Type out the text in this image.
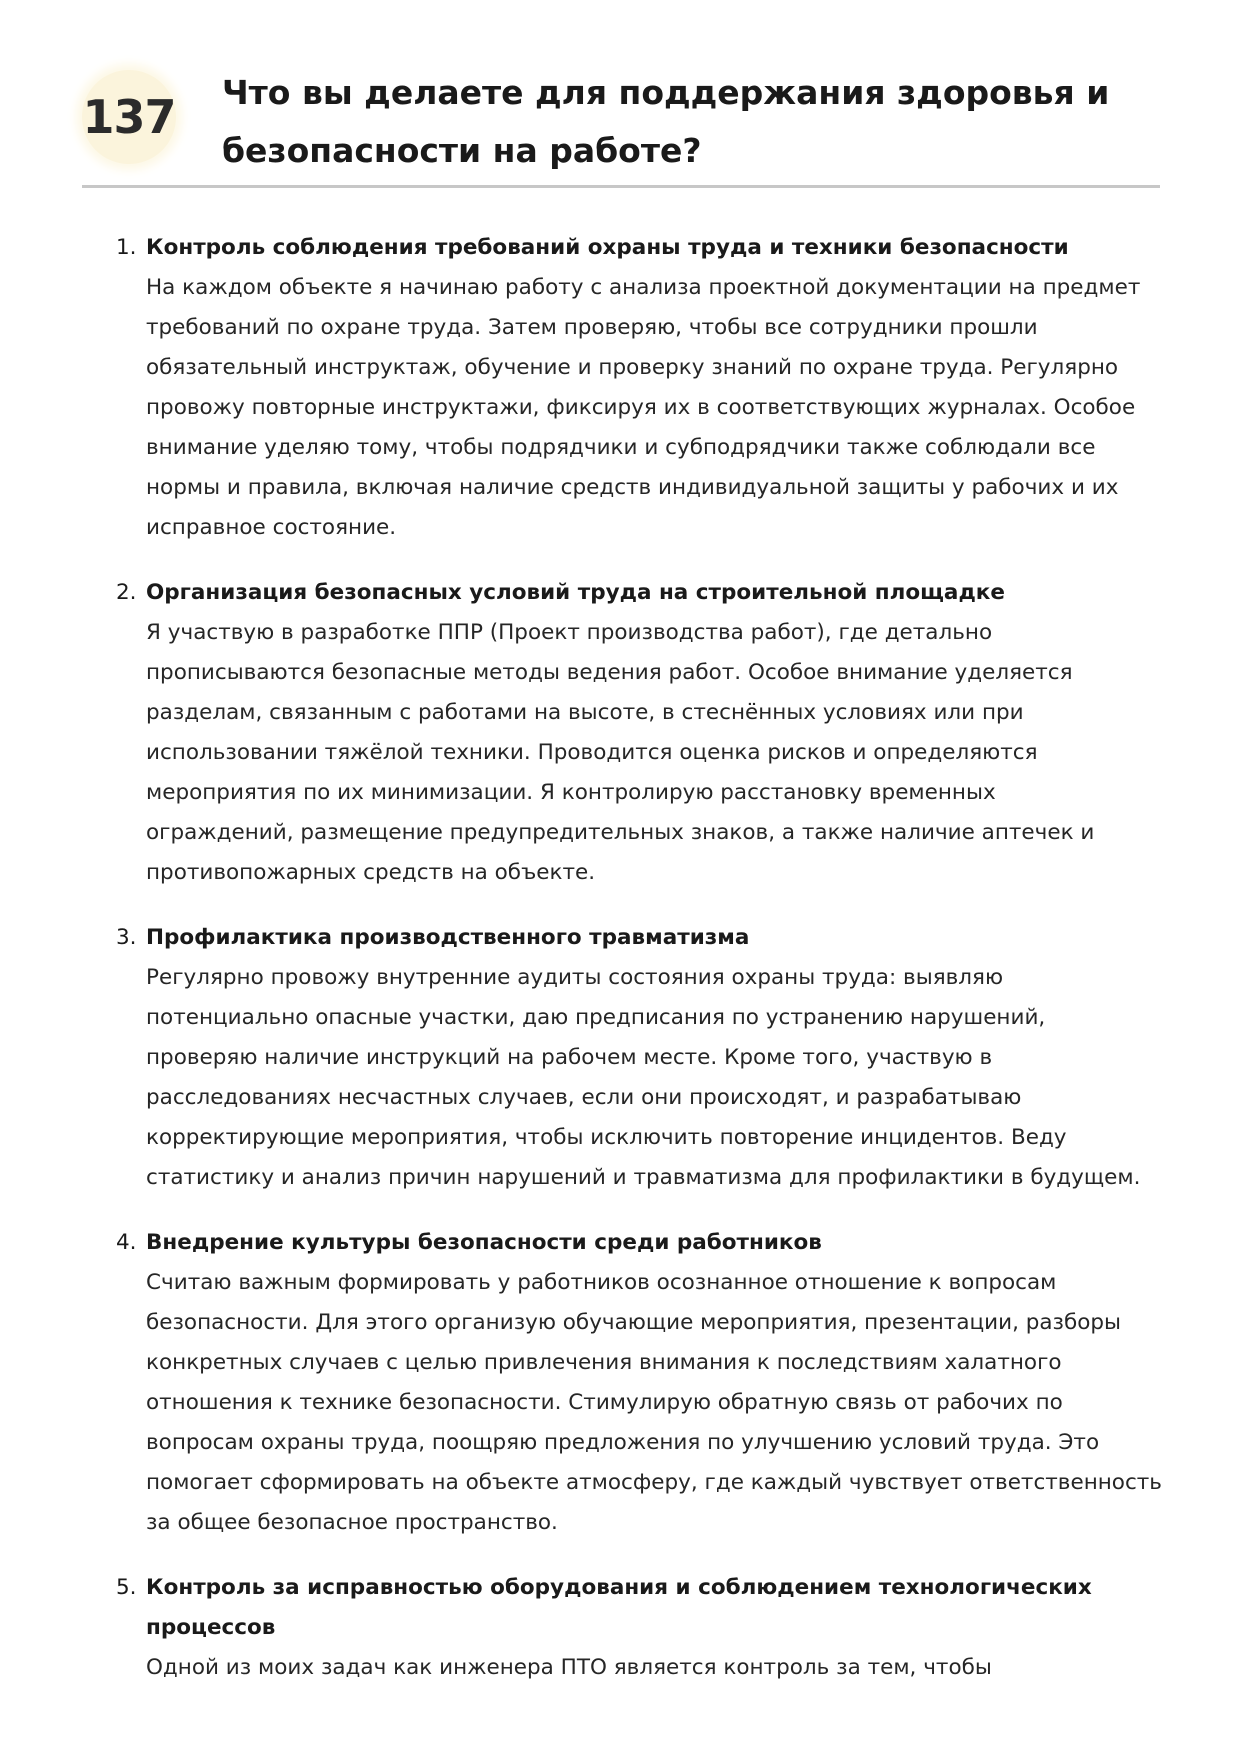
137 Что вы делаете для поддержания здоровья и
безопасности на работе?
1. Контроль соблюдения требований охраны труда и техники безопасности

На каждом объекте я начинаю работу с анализа проектной документации на предмет
требований по охране труда. Затем проверяю, чтобы все сотрудники прошли
обязательный инструктаж, обучение и проверку знаний по охране труда. Регулярно
провожу повторные инструктажи, фиксируя их в соответствующих журналах. Особое
внимание уделяю тому, чтобы подрядчики и субподрядчики также соблюдали все
нормы и правила, включая наличие средств индивидуальной защиты у рабочих и их
исправное состояние.

2. Организация безопасных условий труда на строительной площадке

Я участвую в разработке ППР (Проект производства работ), где детально
прописываются безопасные методы ведения работ. Особое внимание уделяется
разделам, связанным с работами на высоте, в стеснённых условиях или при
использовании тяжёлой техники. Проводится оценка рисков и определяются
мероприятия по их минимизации. Я контролирую расстановку временных
ограждений, размещение предупредительных знаков, а также наличие аптечек и
противопожарных средств на объекте.

3. Профилактика производственного травматизма

Регулярно провожу внутренние аудиты состояния охраны труда: выявляю
потенциально опасные участки, даю предписания по устранению нарушений,
проверяю наличие инструкций на рабочем месте. Кроме того, участвую в
расследованиях несчастных случаев, если они происходят, и разрабатываю
корректирующие мероприятия, чтобы исключить повторение инцидентов. Веду
статистику и анализ причин нарушений и травматизма для профилактики в будущем.

4. Внедрение культуры безопасности среди работников

Считаю важным формировать у работников осознанное отношение к вопросам
безопасности. Для этого организую обучающие мероприятия, презентации, разборы
конкретных случаев с целью привлечения внимания к последствиям халатного
отношения к технике безопасности. Стимулирую обратную связь от рабочих по
вопросам охраны труда, поощряю предложения по улучшению условий труда. Это
помогает сформировать на объекте атмосферу, где каждый чувствует ответственность
за общее безопасное пространство.

5. Контроль за исправностью оборудования и соблюдением технологических
процессов

Одной из моих задач как инженера ПТО является контроль за тем, чтобы
